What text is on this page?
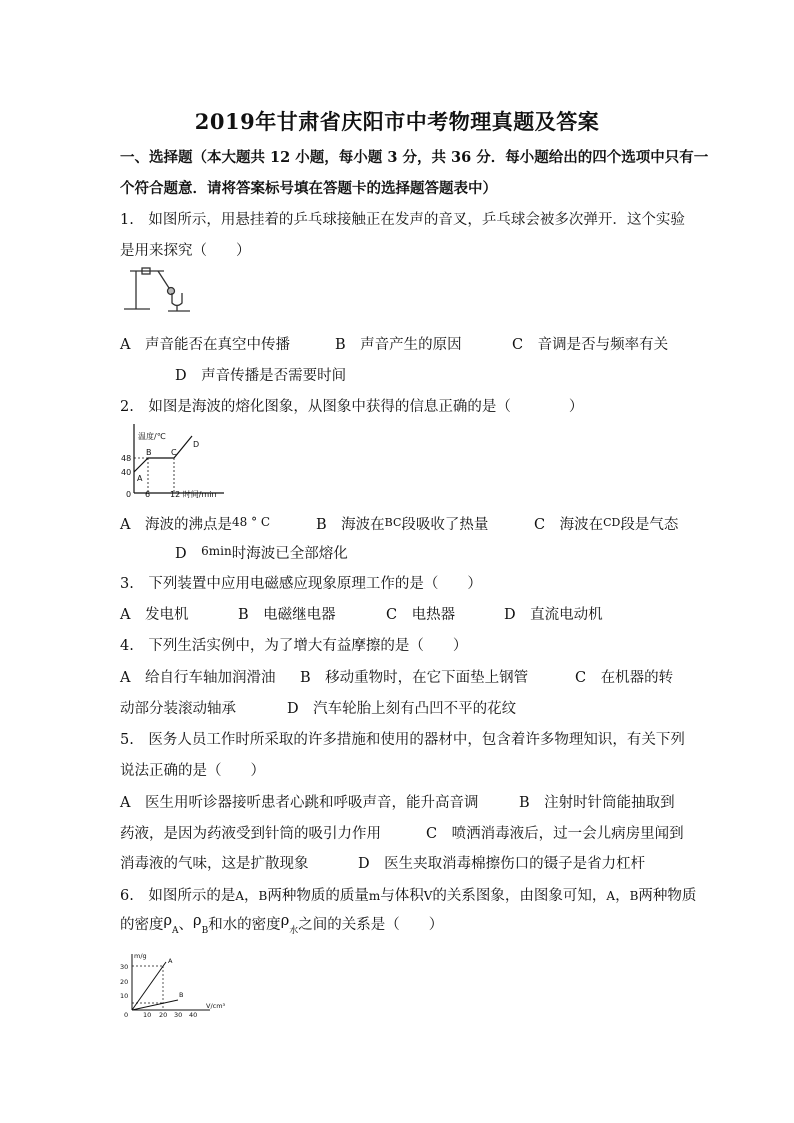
2019年甘肃省庆阳市中考物理真题及答案
一、选择题（本大题共 12 小题，每小题 3 分，共 36 分．每小题给出的四个选项中只有一
个符合题意．请将答案标号填在答题卡的选择题答题表中）
1.　如图所示，用悬挂着的乒乓球接触正在发声的音叉，乒乓球会被多次弹开．这个实验
是用来探究（　　）
A　声音能否在真空中传播	B　声音产生的原因	C　音调是否与频率有关
D　声音传播是否需要时间
2.　如图是海波的熔化图象，从图象中获得的信息正确的是（　　　　）
温度/℃
48
40
0 6 12 时间/min
A
B C
D
A　海波的沸点是$^{48 ^\circ C}$	B　海波在$^{BC}$段吸收了热量	C　海波在$^{CD}$段是气态
D　$^{6min}$时海波已全部熔化
3.　下列装置中应用电磁感应现象原理工作的是（　　）
A　发电机	B　电磁继电器	C　电热器	D　直流电动机
4.　下列生活实例中，为了增大有益摩擦的是（　　）
A　给自行车轴加润滑油 B　移动重物时，在它下面垫上钢管	C　在机器的转
动部分装滚动轴承	D　汽车轮胎上刻有凸凹不平的花纹
5.　医务人员工作时所采取的许多措施和使用的器材中，包含着许多物理知识，有关下列
说法正确的是（　　）
A　医生用听诊器接听患者心跳和呼吸声音，能升高音调	B　注射时针筒能抽取到
药液，是因为药液受到针筒的吸引力作用	C　喷洒消毒液后，过一会儿病房里闻到
消毒液的气味，这是扩散现象	D　医生夹取消毒棉擦伤口的镊子是省力杠杆
6.　如图所示的是A，B两种物质的质量m与体积V的关系图象，由图象可知，A，B两种物质
的密度$\rho_A$、$\rho_B$和水的密度$\rho_水$之间的关系是（　　）
m/g
30
20
10
0 10 20 30 40
V/cm³
A
B
